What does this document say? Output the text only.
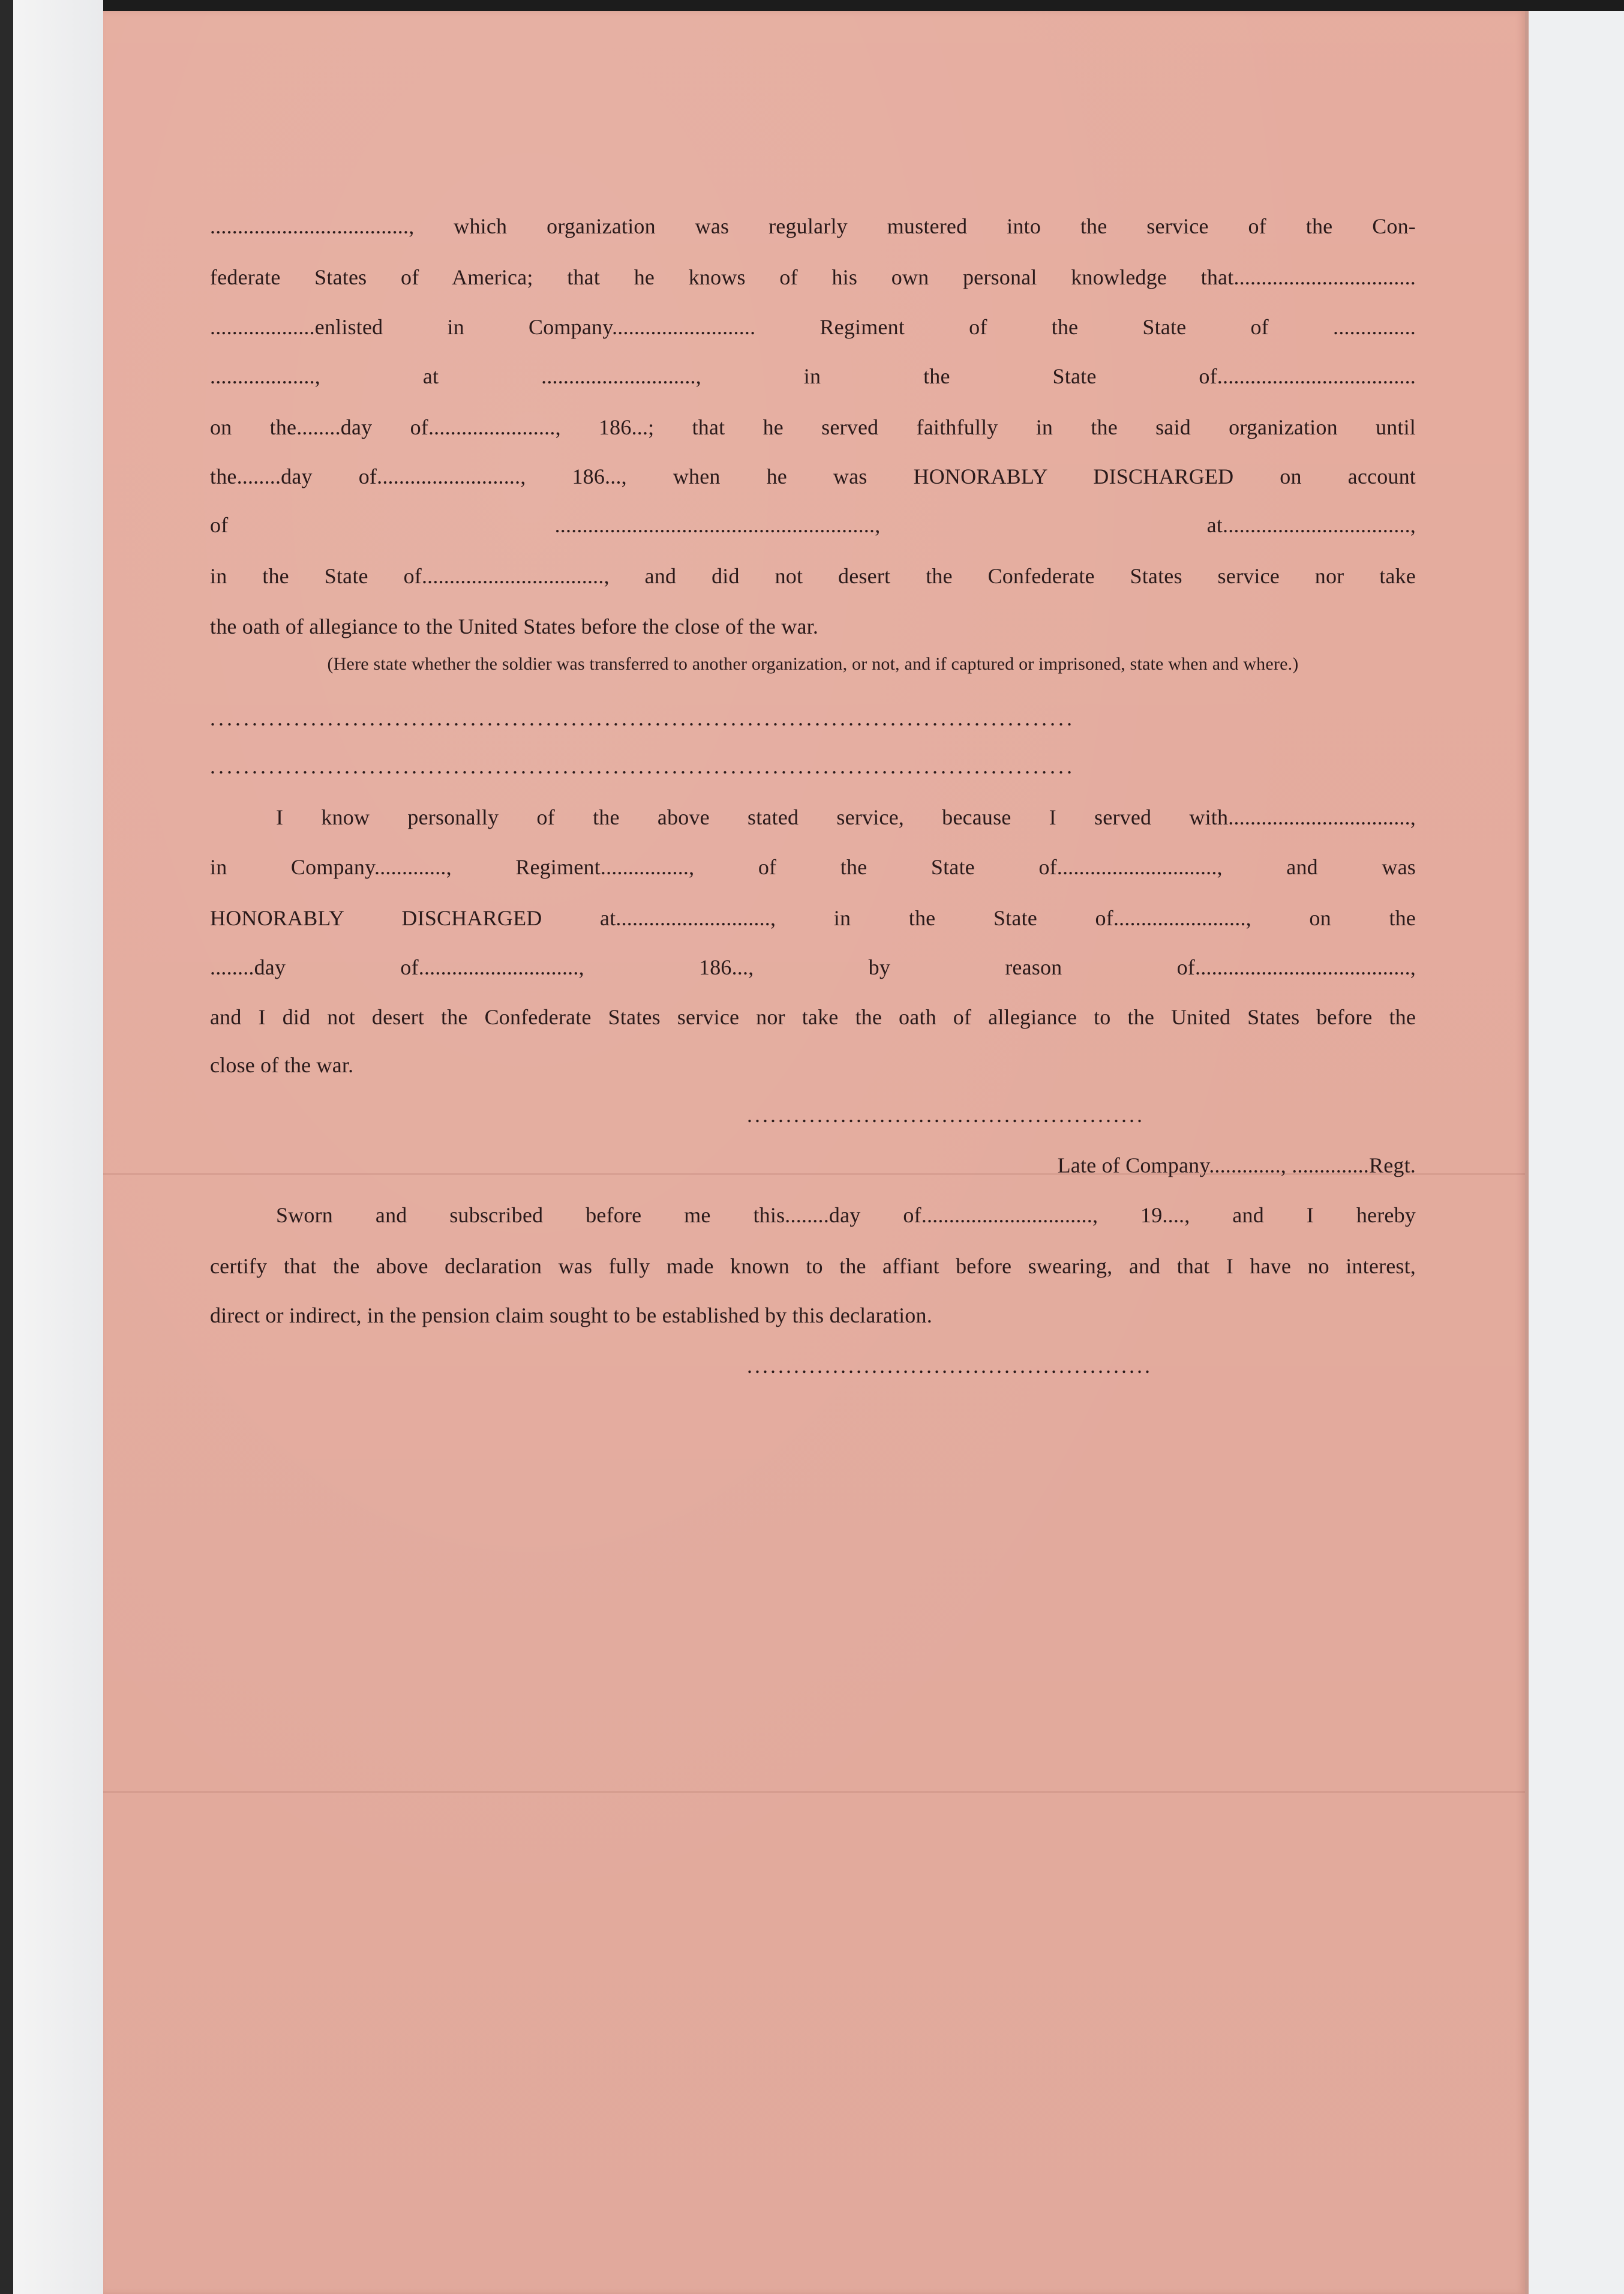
...................................., which organization was regularly mustered into the service of the Con-
federate States of America; that he knows of his own personal knowledge that.................................
...................enlisted in Company.......................... Regiment of the State of ...............
..................., at ............................, in the State of....................................
on the........day of......................., 186...; that he served faithfully in the said organization until
the........day of.........................., 186..., when he was HONORABLY DISCHARGED on account
of .........................................................., at..................................,
in the State of................................., and did not desert the Confederate States service nor take
the oath of allegiance to the United States before the close of the war.
(Here state whether the soldier was transferred to another organization, or not, and if captured or imprisoned, state when and where.)
.......................................................................................................
.......................................................................................................
I know personally of the above stated service, because I served with.................................,
in Company............., Regiment................, of the State of............................., and was
HONORABLY DISCHARGED at............................, in the State of........................, on the
........day of............................., 186..., by reason of.......................................,
and I did not desert the Confederate States service nor take the oath of allegiance to the United States before the
close of the war.
...................................................
Late of Company............., ..............Regt.
Sworn and subscribed before me this........day of..............................., 19...., and I hereby
certify that the above declaration was fully made known to the affiant before swearing, and that I have no interest,
direct or indirect, in the pension claim sought to be established by this declaration.
....................................................
